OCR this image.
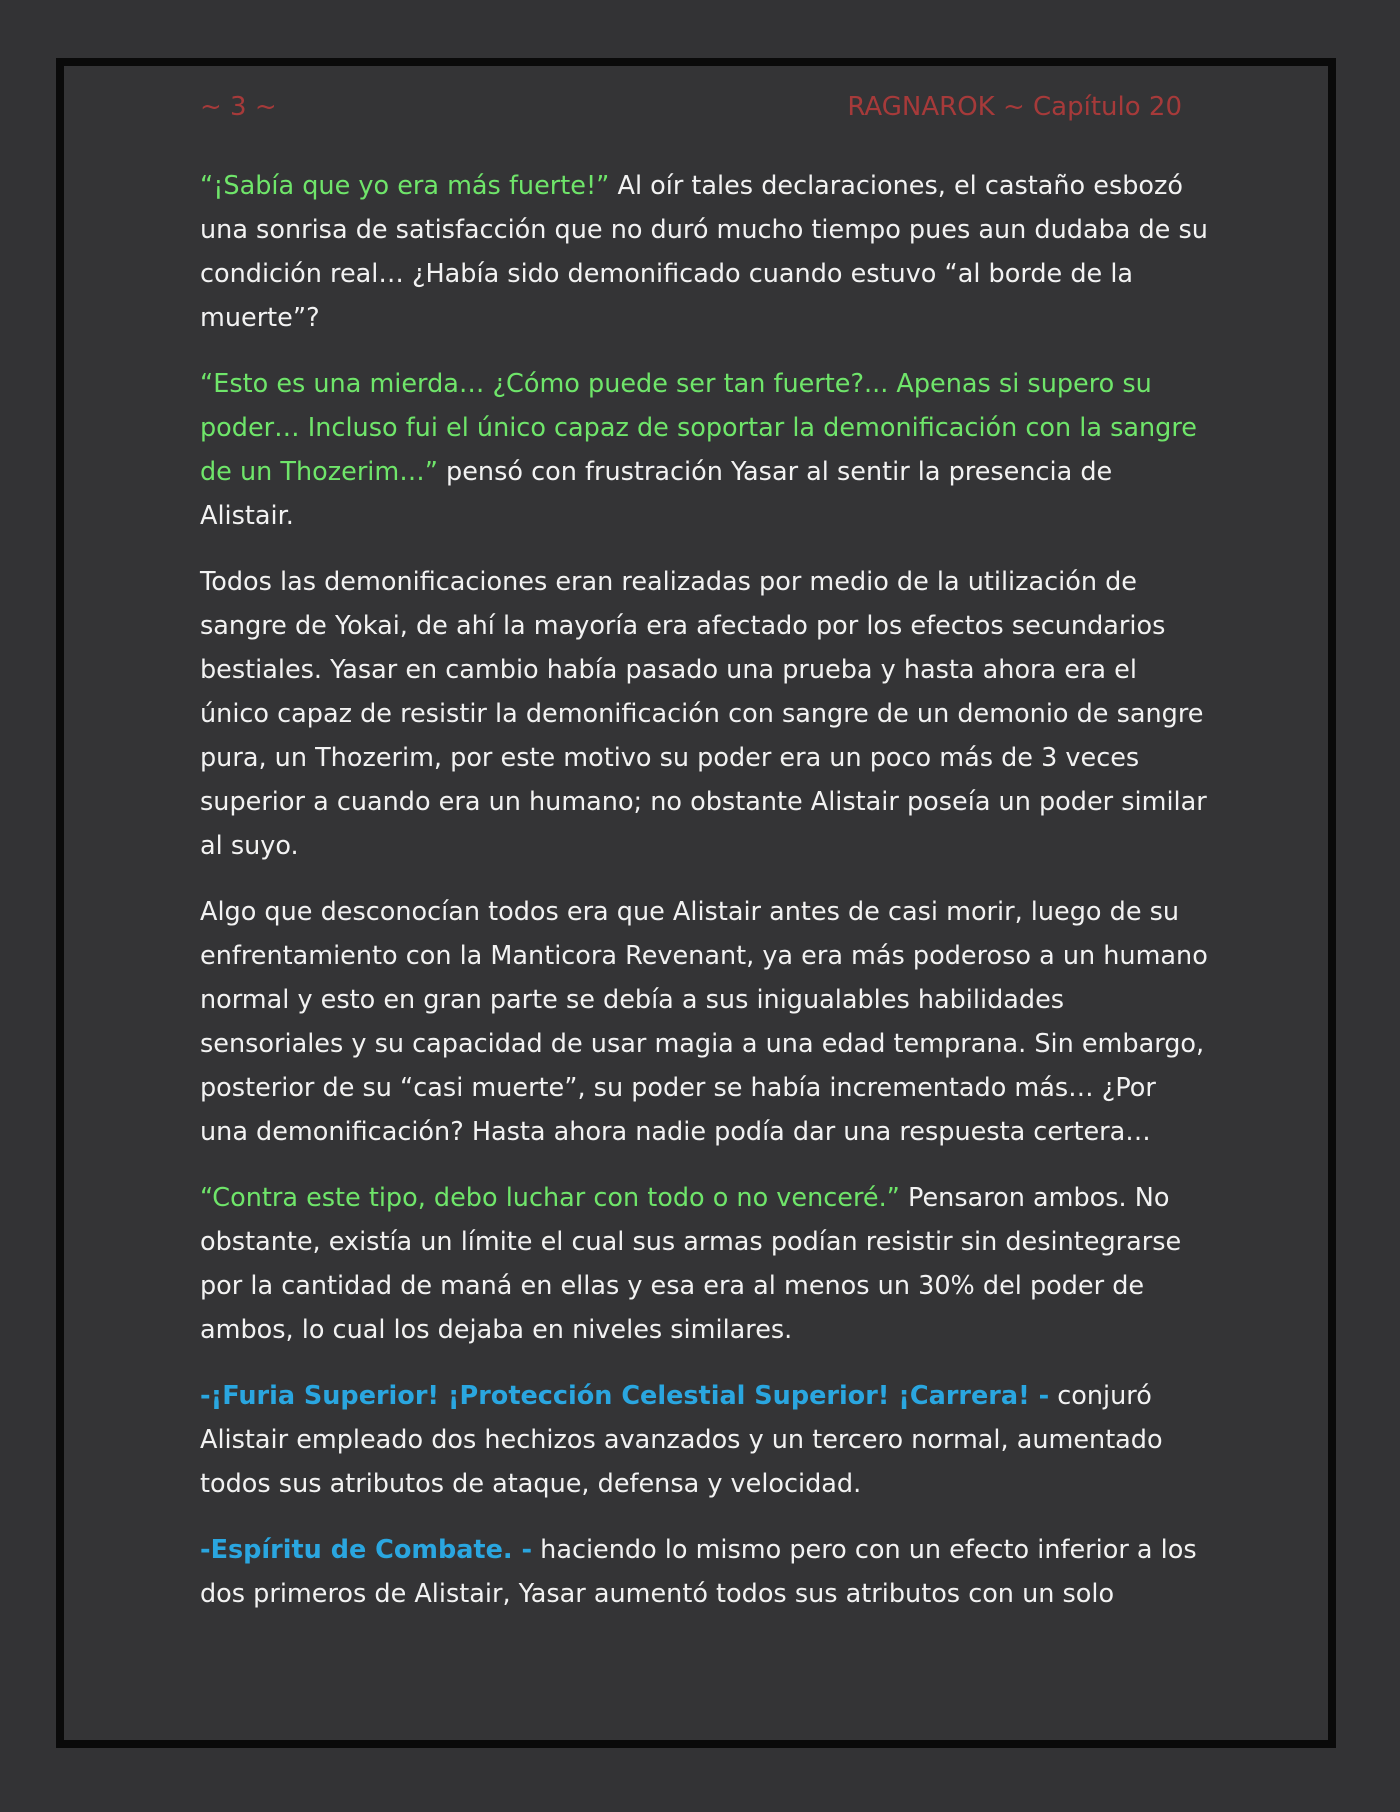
~ 3 ~	RAGNAROK ~ Capítulo 20

“¡Sabía que yo era más fuerte!” Al oír tales declaraciones, el castaño esbozó una sonrisa de satisfacción que no duró mucho tiempo pues aun dudaba de su condición real… ¿Había sido demonificado cuando estuvo “al borde de la muerte”?

“Esto es una mierda… ¿Cómo puede ser tan fuerte?... Apenas si supero su poder… Incluso fui el único capaz de soportar la demonificación con la sangre de un Thozerim…” pensó con frustración Yasar al sentir la presencia de Alistair.

Todos las demonificaciones eran realizadas por medio de la utilización de sangre de Yokai, de ahí la mayoría era afectado por los efectos secundarios bestiales. Yasar en cambio había pasado una prueba y hasta ahora era el único capaz de resistir la demonificación con sangre de un demonio de sangre pura, un Thozerim, por este motivo su poder era un poco más de 3 veces superior a cuando era un humano; no obstante Alistair poseía un poder similar al suyo.

Algo que desconocían todos era que Alistair antes de casi morir, luego de su enfrentamiento con la Manticora Revenant, ya era más poderoso a un humano normal y esto en gran parte se debía a sus inigualables habilidades sensoriales y su capacidad de usar magia a una edad temprana. Sin embargo, posterior de su “casi muerte”, su poder se había incrementado más… ¿Por una demonificación? Hasta ahora nadie podía dar una respuesta certera…

“Contra este tipo, debo luchar con todo o no venceré.” Pensaron ambos. No obstante, existía un límite el cual sus armas podían resistir sin desintegrarse por la cantidad de maná en ellas y esa era al menos un 30% del poder de ambos, lo cual los dejaba en niveles similares.

-¡Furia Superior! ¡Protección Celestial Superior! ¡Carrera! - conjuró Alistair empleado dos hechizos avanzados y un tercero normal, aumentado todos sus atributos de ataque, defensa y velocidad.

-Espíritu de Combate. - haciendo lo mismo pero con un efecto inferior a los dos primeros de Alistair, Yasar aumentó todos sus atributos con un solo
